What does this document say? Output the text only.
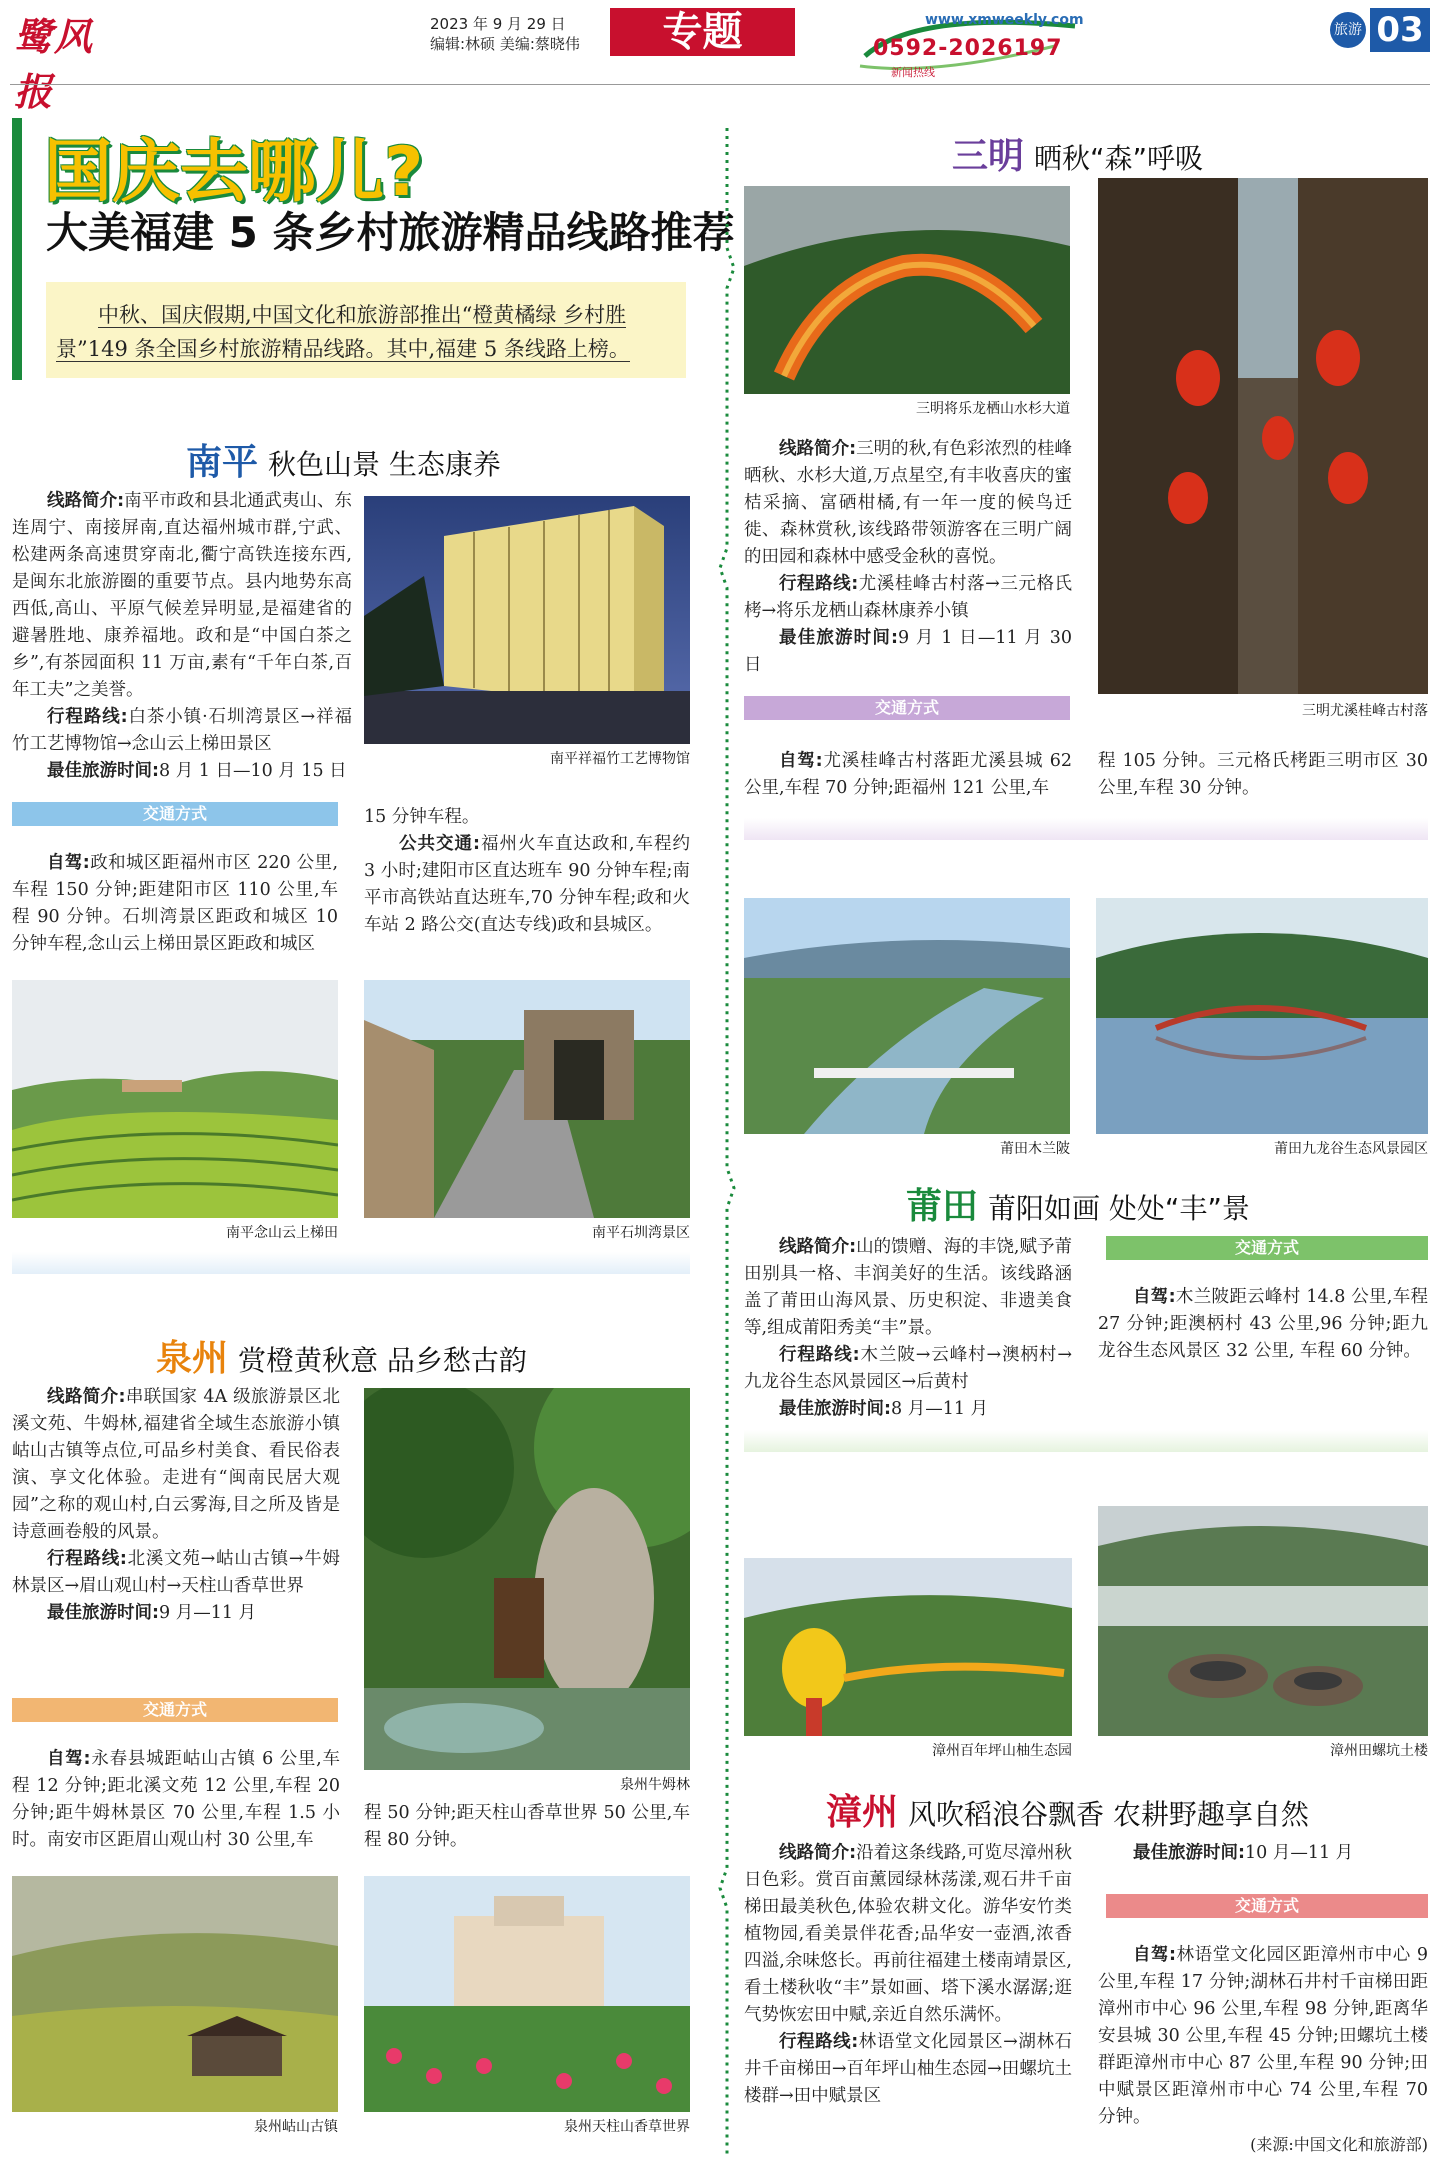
鹭风报
2023 年 9 月 29 日
编辑:林硕 美编:蔡晓伟	专题	www.xmweekly.com
0592-2026197
新闻热线
旅游 03
国庆去哪儿?
大美福建 5 条乡村旅游精品线路推荐
中秋、国庆假期,中国文化和旅游部推出“橙黄橘绿 乡村胜景”149 条全国乡村旅游精品线路。其中,福建 5 条线路上榜。
南平 秋色山景 生态康养

线路简介:南平市政和县北通武夷山、东连周宁、南接屏南,直达福州城市群,宁武、松建两条高速贯穿南北,衢宁高铁连接东西,是闽东北旅游圈的重要节点。县内地势东高西低,高山、平原气候差异明显,是福建省的避暑胜地、康养福地。政和是“中国白茶之乡”,有茶园面积 11 万亩,素有“千年白茶,百年工夫”之美誉。

行程路线:白茶小镇·石圳湾景区→祥福竹工艺博物馆→念山云上梯田景区

最佳旅游时间:8 月 1 日—10 月 15 日

南平祥福竹工艺博物馆
交通方式

自驾:政和城区距福州市区 220 公里,车程 150 分钟;距建阳市区 110 公里,车程 90 分钟。石圳湾景区距政和城区 10 分钟车程,念山云上梯田景区距政和城区

15 分钟车程。

公共交通:福州火车直达政和,车程约 3 小时;建阳市区直达班车 90 分钟车程;南平市高铁站直达班车,70 分钟车程;政和火车站 2 路公交(直达专线)政和县城区。

南平念山云上梯田	南平石圳湾景区
泉州 赏橙黄秋意 品乡愁古韵

线路简介:串联国家 4A 级旅游景区北溪文苑、牛姆林,福建省全域生态旅游小镇岵山古镇等点位,可品乡村美食、看民俗表演、享文化体验。走进有“闽南民居大观园”之称的观山村,白云雾海,目之所及皆是诗意画卷般的风景。

行程路线:北溪文苑→岵山古镇→牛姆林景区→眉山观山村→天柱山香草世界

最佳旅游时间:9 月—11 月

泉州牛姆林
交通方式

自驾:永春县城距岵山古镇 6 公里,车程 12 分钟;距北溪文苑 12 公里,车程 20 分钟;距牛姆林景区 70 公里,车程 1.5 小时。南安市区距眉山观山村 30 公里,车

程 50 分钟;距天柱山香草世界 50 公里,车程 80 分钟。

泉州岵山古镇	泉州天柱山香草世界
三明 晒秋“森”呼吸
三明将乐龙栖山水杉大道
三明尤溪桂峰古村落

线路简介:三明的秋,有色彩浓烈的桂峰晒秋、水杉大道,万点星空,有丰收喜庆的蜜桔采摘、富硒柑橘,有一年一度的候鸟迁徙、森林赏秋,该线路带领游客在三明广阔的田园和森林中感受金秋的喜悦。

行程路线:尤溪桂峰古村落→三元格氏栲→将乐龙栖山森林康养小镇

最佳旅游时间:9 月 1 日—11 月 30 日

交通方式

自驾:尤溪桂峰古村落距尤溪县城 62 公里,车程 70 分钟;距福州 121 公里,车

程 105 分钟。三元格氏栲距三明市区 30 公里,车程 30 分钟。

莆田木兰陂	莆田九龙谷生态风景园区
莆田 莆阳如画 处处“丰”景

线路简介:山的馈赠、海的丰饶,赋予莆田别具一格、丰润美好的生活。该线路涵盖了莆田山海风景、历史积淀、非遗美食等,组成莆阳秀美“丰”景。

行程路线:木兰陂→云峰村→澳柄村→九龙谷生态风景园区→后黄村

最佳旅游时间:8 月—11 月

交通方式

自驾:木兰陂距云峰村 14.8 公里,车程 27 分钟;距澳柄村 43 公里,96 分钟;距九龙谷生态风景区 32 公里, 车程 60 分钟。

漳州百年坪山柚生态园	漳州田螺坑土楼
漳州 风吹稻浪谷飘香 农耕野趣享自然

线路简介:沿着这条线路,可览尽漳州秋日色彩。赏百亩薰园绿林荡漾,观石井千亩梯田最美秋色,体验农耕文化。游华安竹类植物园,看美景伴花香;品华安一壶酒,浓香四溢,余味悠长。再前往福建土楼南靖景区,看土楼秋收“丰”景如画、塔下溪水潺潺;逛气势恢宏田中赋,亲近自然乐满怀。

行程路线:林语堂文化园景区→湖林石井千亩梯田→百年坪山柚生态园→田螺坑土楼群→田中赋景区

最佳旅游时间:10 月—11 月

交通方式

自驾:林语堂文化园区距漳州市中心 9 公里,车程 17 分钟;湖林石井村千亩梯田距漳州市中心 96 公里,车程 98 分钟,距离华安县城 30 公里,车程 45 分钟;田螺坑土楼群距漳州市中心 87 公里,车程 90 分钟;田中赋景区距漳州市中心 74 公里,车程 70 分钟。

(来源:中国文化和旅游部)
